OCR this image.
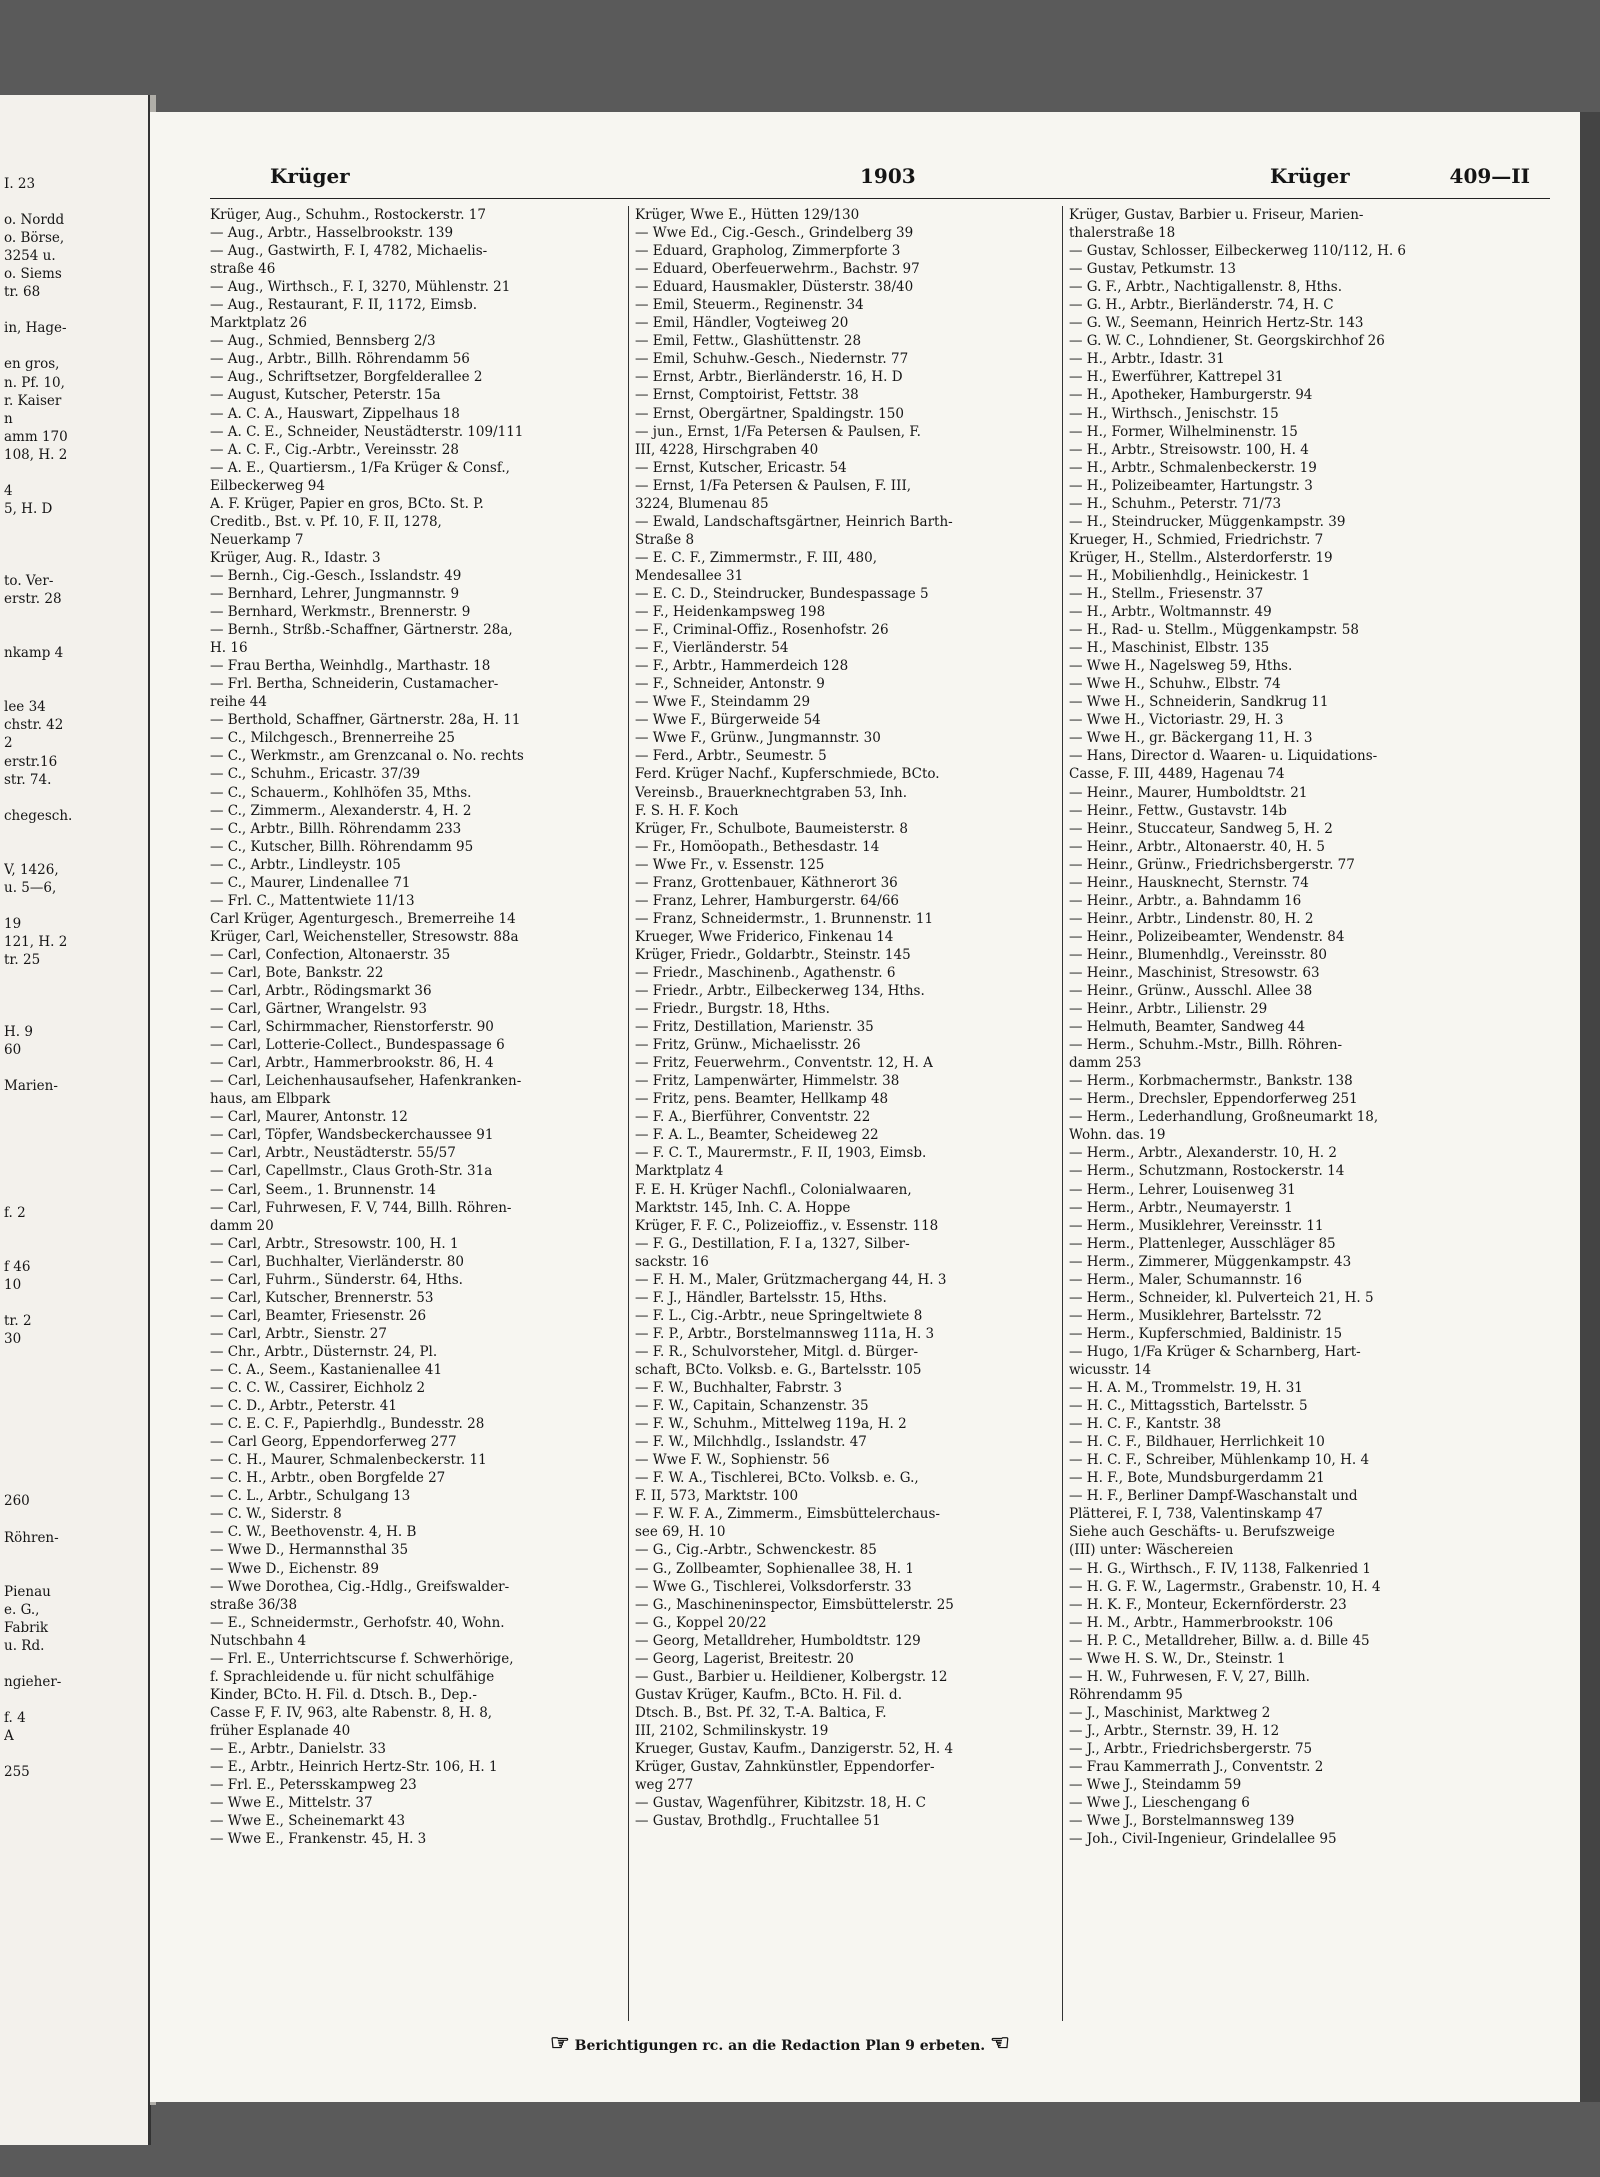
I. 23

o. Nordd
o. Börse,
3254 u.
o. Siems
tr. 68

in, Hage-

en gros,
n. Pf. 10,
r. Kaiser
n
amm 170
108, H. 2

4
5, H. D

to. Ver-
erstr. 28

nkamp 4

lee 34
chstr. 42
2
erstr.16
str. 74.

chegesch.

V, 1426,
u. 5—6,

19
121, H. 2
tr. 25

H. 9
60

Marien-

f. 2

f 46
10

tr. 2
30

260

Röhren-

Pienau
e. G.,
Fabrik
u. Rd.

ngieher-

f. 4
A

255
Krüger	1903	Krüger	409—II
Krüger, Aug., Schuhm., Rostockerstr. 17
— Aug., Arbtr., Hasselbrookstr. 139
— Aug., Gastwirth, F. I, 4782, Michaelis-
straße 46
— Aug., Wirthsch., F. I, 3270, Mühlenstr. 21
— Aug., Restaurant, F. II, 1172, Eimsb.
Marktplatz 26
— Aug., Schmied, Bennsberg 2/3
— Aug., Arbtr., Billh. Röhrendamm 56
— Aug., Schriftsetzer, Borgfelderallee 2
— August, Kutscher, Peterstr. 15a
— A. C. A., Hauswart, Zippelhaus 18
— A. C. E., Schneider, Neustädterstr. 109/111
— A. C. F., Cig.-Arbtr., Vereinsstr. 28
— A. E., Quartiersm., 1/Fa Krüger & Consf.,
Eilbeckerweg 94
A. F. Krüger, Papier en gros, BCto. St. P.
Creditb., Bst. v. Pf. 10, F. II, 1278,
Neuerkamp 7
Krüger, Aug. R., Idastr. 3
— Bernh., Cig.-Gesch., Isslandstr. 49
— Bernhard, Lehrer, Jungmannstr. 9
— Bernhard, Werkmstr., Brennerstr. 9
— Bernh., Strßb.-Schaffner, Gärtnerstr. 28a,
H. 16
— Frau Bertha, Weinhdlg., Marthastr. 18
— Frl. Bertha, Schneiderin, Custamacher-
reihe 44
— Berthold, Schaffner, Gärtnerstr. 28a, H. 11
— C., Milchgesch., Brennerreihe 25
— C., Werkmstr., am Grenzcanal o. No. rechts
— C., Schuhm., Ericastr. 37/39
— C., Schauerm., Kohlhöfen 35, Mths.
— C., Zimmerm., Alexanderstr. 4, H. 2
— C., Arbtr., Billh. Röhrendamm 233
— C., Kutscher, Billh. Röhrendamm 95
— C., Arbtr., Lindleystr. 105
— C., Maurer, Lindenallee 71
— Frl. C., Mattentwiete 11/13
Carl Krüger, Agenturgesch., Bremerreihe 14
Krüger, Carl, Weichensteller, Stresowstr. 88a
— Carl, Confection, Altonaerstr. 35
— Carl, Bote, Bankstr. 22
— Carl, Arbtr., Rödingsmarkt 36
— Carl, Gärtner, Wrangelstr. 93
— Carl, Schirmmacher, Rienstorferstr. 90
— Carl, Lotterie-Collect., Bundespassage 6
— Carl, Arbtr., Hammerbrookstr. 86, H. 4
— Carl, Leichenhausaufseher, Hafenkranken-
haus, am Elbpark
— Carl, Maurer, Antonstr. 12
— Carl, Töpfer, Wandsbeckerchaussee 91
— Carl, Arbtr., Neustädterstr. 55/57
— Carl, Capellmstr., Claus Groth-Str. 31a
— Carl, Seem., 1. Brunnenstr. 14
— Carl, Fuhrwesen, F. V, 744, Billh. Röhren-
damm 20
— Carl, Arbtr., Stresowstr. 100, H. 1
— Carl, Buchhalter, Vierländerstr. 80
— Carl, Fuhrm., Sünderstr. 64, Hths.
— Carl, Kutscher, Brennerstr. 53
— Carl, Beamter, Friesenstr. 26
— Carl, Arbtr., Sienstr. 27
— Chr., Arbtr., Düsternstr. 24, Pl.
— C. A., Seem., Kastanienallee 41
— C. C. W., Cassirer, Eichholz 2
— C. D., Arbtr., Peterstr. 41
— C. E. C. F., Papierhdlg., Bundesstr. 28
— Carl Georg, Eppendorferweg 277
— C. H., Maurer, Schmalenbeckerstr. 11
— C. H., Arbtr., oben Borgfelde 27
— C. L., Arbtr., Schulgang 13
— C. W., Siderstr. 8
— C. W., Beethovenstr. 4, H. B
— Wwe D., Hermannsthal 35
— Wwe D., Eichenstr. 89
— Wwe Dorothea, Cig.-Hdlg., Greifswalder-
straße 36/38
— E., Schneidermstr., Gerhofstr. 40, Wohn.
Nutschbahn 4
— Frl. E., Unterrichtscurse f. Schwerhörige,
f. Sprachleidende u. für nicht schulfähige
Kinder, BCto. H. Fil. d. Dtsch. B., Dep.-
Casse F, F. IV, 963, alte Rabenstr. 8, H. 8,
früher Esplanade 40
— E., Arbtr., Danielstr. 33
— E., Arbtr., Heinrich Hertz-Str. 106, H. 1
— Frl. E., Petersskampweg 23
— Wwe E., Mittelstr. 37
— Wwe E., Scheinemarkt 43
— Wwe E., Frankenstr. 45, H. 3
Krüger, Wwe E., Hütten 129/130
— Wwe Ed., Cig.-Gesch., Grindelberg 39
— Eduard, Grapholog, Zimmerpforte 3
— Eduard, Oberfeuerwehrm., Bachstr. 97
— Eduard, Hausmakler, Düsterstr. 38/40
— Emil, Steuerm., Reginenstr. 34
— Emil, Händler, Vogteiweg 20
— Emil, Fettw., Glashüttenstr. 28
— Emil, Schuhw.-Gesch., Niedernstr. 77
— Ernst, Arbtr., Bierländerstr. 16, H. D
— Ernst, Comptoirist, Fettstr. 38
— Ernst, Obergärtner, Spaldingstr. 150
— jun., Ernst, 1/Fa Petersen & Paulsen, F.
III, 4228, Hirschgraben 40
— Ernst, Kutscher, Ericastr. 54
— Ernst, 1/Fa Petersen & Paulsen, F. III,
3224, Blumenau 85
— Ewald, Landschaftsgärtner, Heinrich Barth-
Straße 8
— E. C. F., Zimmermstr., F. III, 480,
Mendesallee 31
— E. C. D., Steindrucker, Bundespassage 5
— F., Heidenkampsweg 198
— F., Criminal-Offiz., Rosenhofstr. 26
— F., Vierländerstr. 54
— F., Arbtr., Hammerdeich 128
— F., Schneider, Antonstr. 9
— Wwe F., Steindamm 29
— Wwe F., Bürgerweide 54
— Wwe F., Grünw., Jungmannstr. 30
— Ferd., Arbtr., Seumestr. 5
Ferd. Krüger Nachf., Kupferschmiede, BCto.
Vereinsb., Brauerknechtgraben 53, Inh.
F. S. H. F. Koch
Krüger, Fr., Schulbote, Baumeisterstr. 8
— Fr., Homöopath., Bethesdastr. 14
— Wwe Fr., v. Essenstr. 125
— Franz, Grottenbauer, Käthnerort 36
— Franz, Lehrer, Hamburgerstr. 64/66
— Franz, Schneidermstr., 1. Brunnenstr. 11
Krueger, Wwe Friderico, Finkenau 14
Krüger, Friedr., Goldarbtr., Steinstr. 145
— Friedr., Maschinenb., Agathenstr. 6
— Friedr., Arbtr., Eilbeckerweg 134, Hths.
— Friedr., Burgstr. 18, Hths.
— Fritz, Destillation, Marienstr. 35
— Fritz, Grünw., Michaelisstr. 26
— Fritz, Feuerwehrm., Conventstr. 12, H. A
— Fritz, Lampenwärter, Himmelstr. 38
— Fritz, pens. Beamter, Hellkamp 48
— F. A., Bierführer, Conventstr. 22
— F. A. L., Beamter, Scheideweg 22
— F. C. T., Maurermstr., F. II, 1903, Eimsb.
Marktplatz 4
F. E. H. Krüger Nachfl., Colonialwaaren,
Marktstr. 145, Inh. C. A. Hoppe
Krüger, F. F. C., Polizeioffiz., v. Essenstr. 118
— F. G., Destillation, F. I a, 1327, Silber-
sackstr. 16
— F. H. M., Maler, Grützmachergang 44, H. 3
— F. J., Händler, Bartelsstr. 15, Hths.
— F. L., Cig.-Arbtr., neue Springeltwiete 8
— F. P., Arbtr., Borstelmannsweg 111a, H. 3
— F. R., Schulvorsteher, Mitgl. d. Bürger-
schaft, BCto. Volksb. e. G., Bartelsstr. 105
— F. W., Buchhalter, Fabrstr. 3
— F. W., Capitain, Schanzenstr. 35
— F. W., Schuhm., Mittelweg 119a, H. 2
— F. W., Milchhdlg., Isslandstr. 47
— Wwe F. W., Sophienstr. 56
— F. W. A., Tischlerei, BCto. Volksb. e. G.,
F. II, 573, Marktstr. 100
— F. W. F. A., Zimmerm., Eimsbüttelerchaus-
see 69, H. 10
— G., Cig.-Arbtr., Schwenckestr. 85
— G., Zollbeamter, Sophienallee 38, H. 1
— Wwe G., Tischlerei, Volksdorferstr. 33
— G., Maschineninspector, Eimsbüttelerstr. 25
— G., Koppel 20/22
— Georg, Metalldreher, Humboldtstr. 129
— Georg, Lagerist, Breitestr. 20
— Gust., Barbier u. Heildiener, Kolbergstr. 12
Gustav Krüger, Kaufm., BCto. H. Fil. d.
Dtsch. B., Bst. Pf. 32, T.-A. Baltica, F.
III, 2102, Schmilinskystr. 19
Krueger, Gustav, Kaufm., Danzigerstr. 52, H. 4
Krüger, Gustav, Zahnkünstler, Eppendorfer-
weg 277
— Gustav, Wagenführer, Kibitzstr. 18, H. C
— Gustav, Brothdlg., Fruchtallee 51
Krüger, Gustav, Barbier u. Friseur, Marien-
thalerstraße 18
— Gustav, Schlosser, Eilbeckerweg 110/112, H. 6
— Gustav, Petkumstr. 13
— G. F., Arbtr., Nachtigallenstr. 8, Hths.
— G. H., Arbtr., Bierländerstr. 74, H. C
— G. W., Seemann, Heinrich Hertz-Str. 143
— G. W. C., Lohndiener, St. Georgskirchhof 26
— H., Arbtr., Idastr. 31
— H., Ewerführer, Kattrepel 31
— H., Apotheker, Hamburgerstr. 94
— H., Wirthsch., Jenischstr. 15
— H., Former, Wilhelminenstr. 15
— H., Arbtr., Streisowstr. 100, H. 4
— H., Arbtr., Schmalenbeckerstr. 19
— H., Polizeibeamter, Hartungstr. 3
— H., Schuhm., Peterstr. 71/73
— H., Steindrucker, Müggenkampstr. 39
Krueger, H., Schmied, Friedrichstr. 7
Krüger, H., Stellm., Alsterdorferstr. 19
— H., Mobilienhdlg., Heinickestr. 1
— H., Stellm., Friesenstr. 37
— H., Arbtr., Woltmannstr. 49
— H., Rad- u. Stellm., Müggenkampstr. 58
— H., Maschinist, Elbstr. 135
— Wwe H., Nagelsweg 59, Hths.
— Wwe H., Schuhw., Elbstr. 74
— Wwe H., Schneiderin, Sandkrug 11
— Wwe H., Victoriastr. 29, H. 3
— Wwe H., gr. Bäckergang 11, H. 3
— Hans, Director d. Waaren- u. Liquidations-
Casse, F. III, 4489, Hagenau 74
— Heinr., Maurer, Humboldtstr. 21
— Heinr., Fettw., Gustavstr. 14b
— Heinr., Stuccateur, Sandweg 5, H. 2
— Heinr., Arbtr., Altonaerstr. 40, H. 5
— Heinr., Grünw., Friedrichsbergerstr. 77
— Heinr., Hausknecht, Sternstr. 74
— Heinr., Arbtr., a. Bahndamm 16
— Heinr., Arbtr., Lindenstr. 80, H. 2
— Heinr., Polizeibeamter, Wendenstr. 84
— Heinr., Blumenhdlg., Vereinsstr. 80
— Heinr., Maschinist, Stresowstr. 63
— Heinr., Grünw., Ausschl. Allee 38
— Heinr., Arbtr., Lilienstr. 29
— Helmuth, Beamter, Sandweg 44
— Herm., Schuhm.-Mstr., Billh. Röhren-
damm 253
— Herm., Korbmachermstr., Bankstr. 138
— Herm., Drechsler, Eppendorferweg 251
— Herm., Lederhandlung, Großneumarkt 18,
Wohn. das. 19
— Herm., Arbtr., Alexanderstr. 10, H. 2
— Herm., Schutzmann, Rostockerstr. 14
— Herm., Lehrer, Louisenweg 31
— Herm., Arbtr., Neumayerstr. 1
— Herm., Musiklehrer, Vereinsstr. 11
— Herm., Plattenleger, Ausschläger 85
— Herm., Zimmerer, Müggenkampstr. 43
— Herm., Maler, Schumannstr. 16
— Herm., Schneider, kl. Pulverteich 21, H. 5
— Herm., Musiklehrer, Bartelsstr. 72
— Herm., Kupferschmied, Baldinistr. 15
— Hugo, 1/Fa Krüger & Scharnberg, Hart-
wicusstr. 14
— H. A. M., Trommelstr. 19, H. 31
— H. C., Mittagsstich, Bartelsstr. 5
— H. C. F., Kantstr. 38
— H. C. F., Bildhauer, Herrlichkeit 10
— H. C. F., Schreiber, Mühlenkamp 10, H. 4
— H. F., Bote, Mundsburgerdamm 21
— H. F., Berliner Dampf-Waschanstalt und
Plätterei, F. I, 738, Valentinskamp 47
Siehe auch Geschäfts- u. Berufszweige
(III) unter: Wäschereien
— H. G., Wirthsch., F. IV, 1138, Falkenried 1
— H. G. F. W., Lagermstr., Grabenstr. 10, H. 4
— H. K. F., Monteur, Eckernförderstr. 23
— H. M., Arbtr., Hammerbrookstr. 106
— H. P. C., Metalldreher, Billw. a. d. Bille 45
— Wwe H. S. W., Dr., Steinstr. 1
— H. W., Fuhrwesen, F. V, 27, Billh.
Röhrendamm 95
— J., Maschinist, Marktweg 2
— J., Arbtr., Sternstr. 39, H. 12
— J., Arbtr., Friedrichsbergerstr. 75
— Frau Kammerrath J., Conventstr. 2
— Wwe J., Steindamm 59
— Wwe J., Lieschengang 6
— Wwe J., Borstelmannsweg 139
— Joh., Civil-Ingenieur, Grindelallee 95
☞ Berichtigungen rc. an die Redaction Plan 9 erbeten. ☜
